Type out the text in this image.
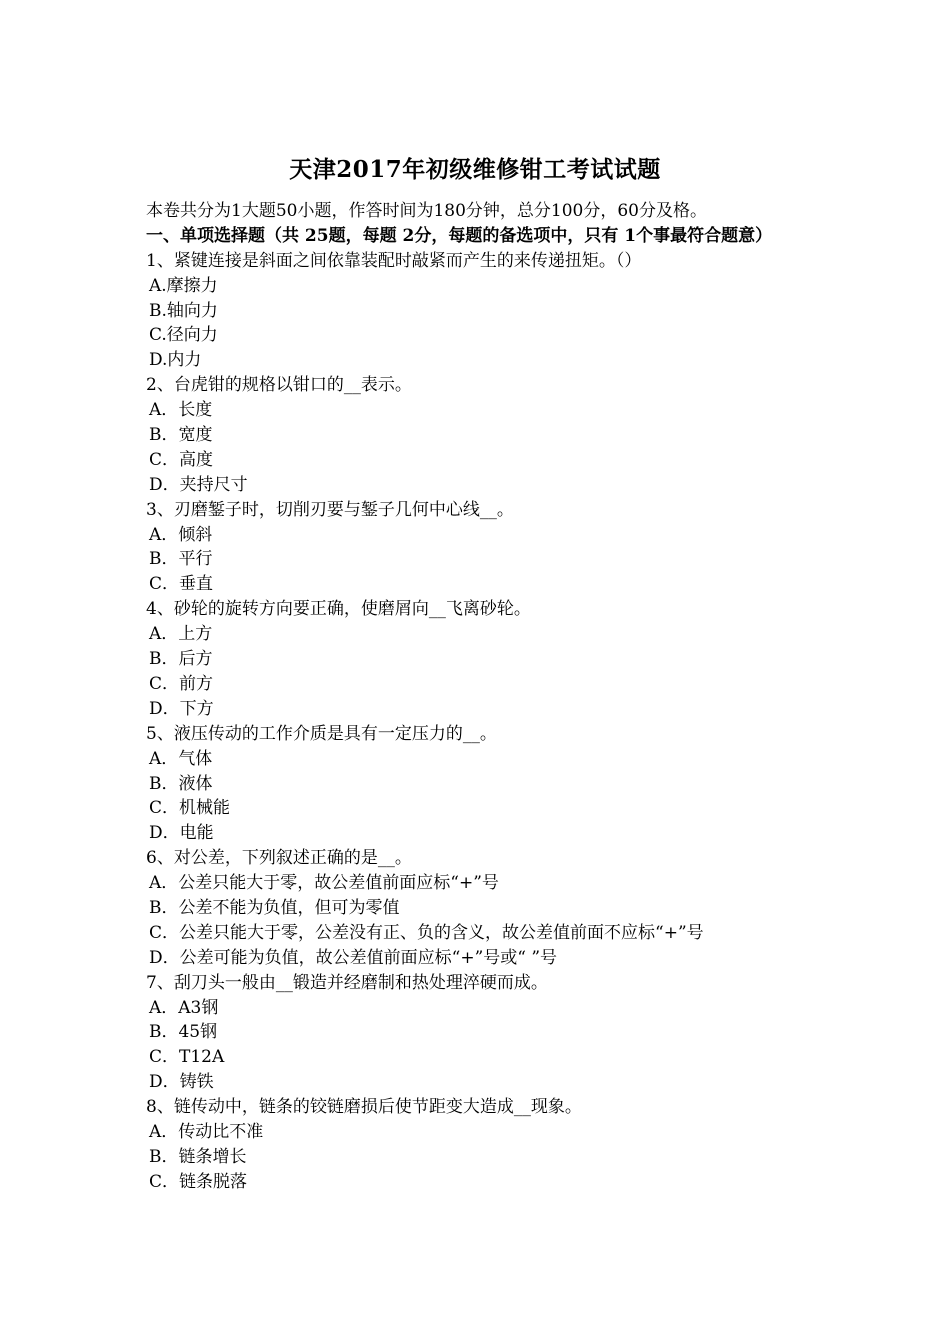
天津2017年初级维修钳工考试试题
本卷共分为1大题50小题，作答时间为180分钟，总分100分，60分及格。
一、单项选择题（共 25题，每题 2分，每题的备选项中，只有 1个事最符合题意）
1、紧键连接是斜面之间依靠装配时敲紧而产生的来传递扭矩。（）
A.摩擦力
B.轴向力
C.径向力
D.内力
2、台虎钳的规格以钳口的__表示。
A．长度
B．宽度
C．高度
D．夹持尺寸
3、刃磨錾子时，切削刃要与錾子几何中心线__。
A．倾斜
B．平行
C．垂直
4、砂轮的旋转方向要正确，使磨屑向__飞离砂轮。
A．上方
B．后方
C．前方
D．下方
5、液压传动的工作介质是具有一定压力的__。
A．气体
B．液体
C．机械能
D．电能
6、对公差，下列叙述正确的是__。
A．公差只能大于零，故公差值前面应标“+”号
B．公差不能为负值，但可为零值
C．公差只能大于零，公差没有正、负的含义，故公差值前面不应标“+”号
D．公差可能为负值，故公差值前面应标“+”号或“ ”号
7、刮刀头一般由__锻造并经磨制和热处理淬硬而成。
A．A3钢
B．45钢
C．T12A
D．铸铁
8、链传动中，链条的铰链磨损后使节距变大造成__现象。
A．传动比不准
B．链条增长
C．链条脱落
